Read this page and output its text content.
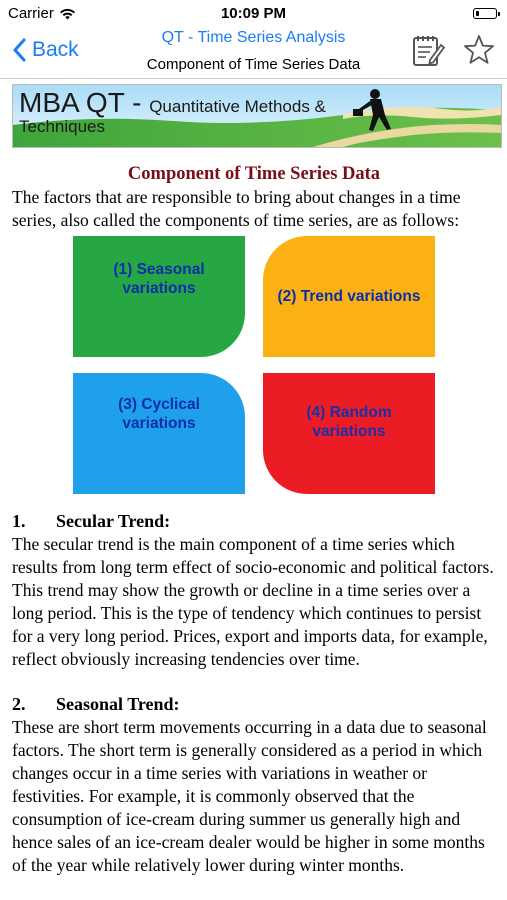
Carrier	10:09 PM
Back
QT - Time Series Analysis
Component of Time Series Data
MBA QT - Quantitative Methods &
Techniques

Component of Time Series Data

The factors that are responsible to bring about changes in a time series, also called the components of time series, are as follows:

(1) Seasonal variations	(2) Trend variations
(3) Cyclical variations
(4) Random variations

1. Secular Trend:

The secular trend is the main component of a time series which results from long term effect of socio-economic and political factors. This trend may show the growth or decline in a time series over a long period. This is the type of tendency which continues to persist for a very long period. Prices, export and imports data, for example, reflect obviously increasing tendencies over time.

2. Seasonal Trend:

These are short term movements occurring in a data due to seasonal factors. The short term is generally considered as a period in which changes occur in a time series with variations in weather or festivities. For example, it is commonly observed that the consumption of ice-cream during summer us generally high and hence sales of an ice-cream dealer would be higher in some months of the year while relatively lower during winter months.
